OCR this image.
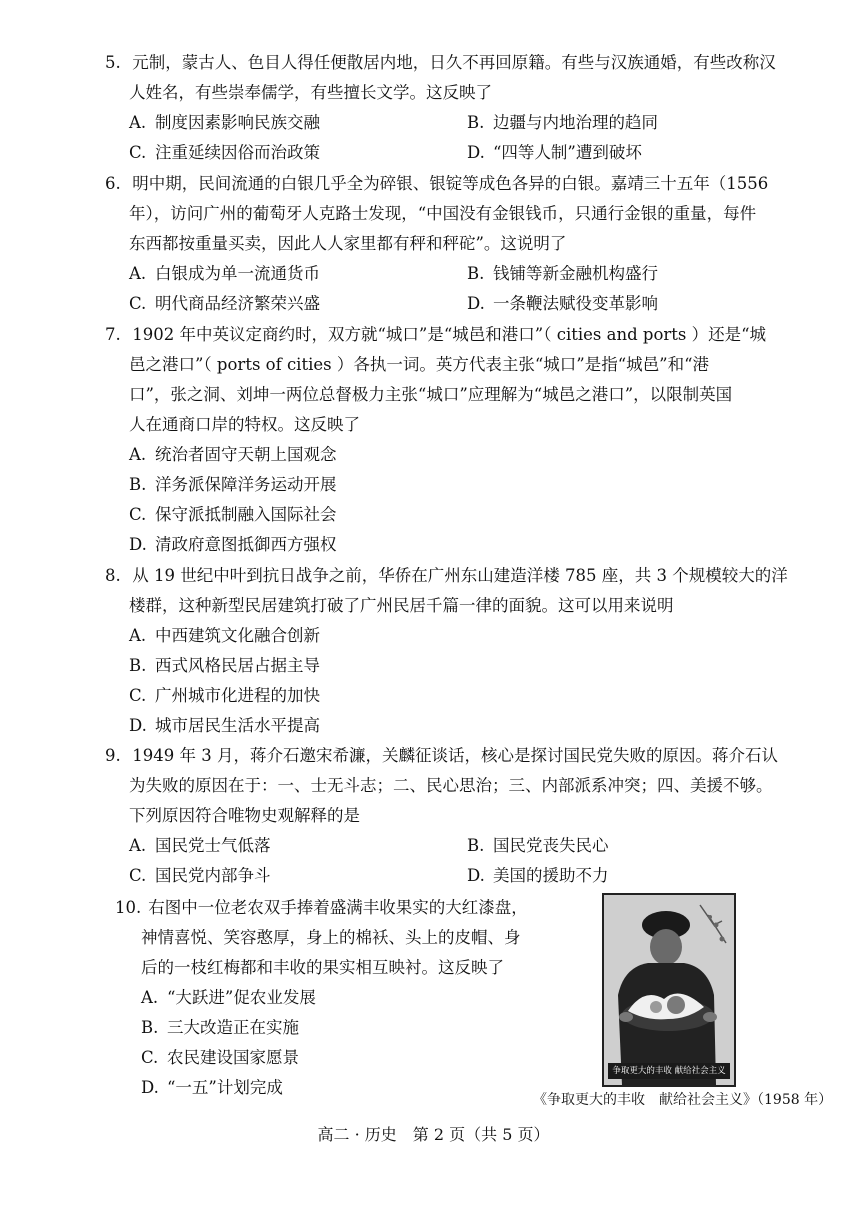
5. 元制，蒙古人、色目人得任便散居内地，日久不再回原籍。有些与汉族通婚，有些改称汉
人姓名，有些崇奉儒学，有些擅长文学。这反映了
A. 制度因素影响民族交融	B. 边疆与内地治理的趋同
C. 注重延续因俗而治政策	D. “四等人制”遭到破坏
6. 明中期，民间流通的白银几乎全为碎银、银锭等成色各异的白银。嘉靖三十五年（1556
年），访问广州的葡萄牙人克路士发现，“中国没有金银钱币，只通行金银的重量，每件
东西都按重量买卖，因此人人家里都有秤和秤砣”。这说明了
A. 白银成为单一流通货币	B. 钱铺等新金融机构盛行
C. 明代商品经济繁荣兴盛	D. 一条鞭法赋役变革影响
7. 1902 年中英议定商约时，双方就“城口”是“城邑和港口”（ cities and ports ）还是“城
邑之港口”（ ports of cities ）各执一词。英方代表主张“城口”是指“城邑”和“港
口”，张之洞、刘坤一两位总督极力主张“城口”应理解为“城邑之港口”，以限制英国
人在通商口岸的特权。这反映了
A. 统治者固守天朝上国观念
B. 洋务派保障洋务运动开展
C. 保守派抵制融入国际社会
D. 清政府意图抵御西方强权
8. 从 19 世纪中叶到抗日战争之前，华侨在广州东山建造洋楼 785 座，共 3 个规模较大的洋
楼群，这种新型民居建筑打破了广州民居千篇一律的面貌。这可以用来说明
A. 中西建筑文化融合创新
B. 西式风格民居占据主导
C. 广州城市化进程的加快
D. 城市居民生活水平提高
9. 1949 年 3 月，蒋介石邀宋希濂，关麟征谈话，核心是探讨国民党失败的原因。蒋介石认
为失败的原因在于：一、士无斗志；二、民心思治；三、内部派系冲突；四、美援不够。
下列原因符合唯物史观解释的是
A. 国民党士气低落	B. 国民党丧失民心
C. 国民党内部争斗	D. 美国的援助不力
10. 右图中一位老农双手捧着盛满丰收果实的大红漆盘，
神情喜悦、笑容憨厚，身上的棉袄、头上的皮帽、身
后的一枝红梅都和丰收的果实相互映衬。这反映了
A. “大跃进”促农业发展
B. 三大改造正在实施
C. 农民建设国家愿景
D. “一五”计划完成
争取更大的丰收 献给社会主义
《争取更大的丰收　献给社会主义》（1958 年）
高二 · 历史　第 2 页（共 5 页）
